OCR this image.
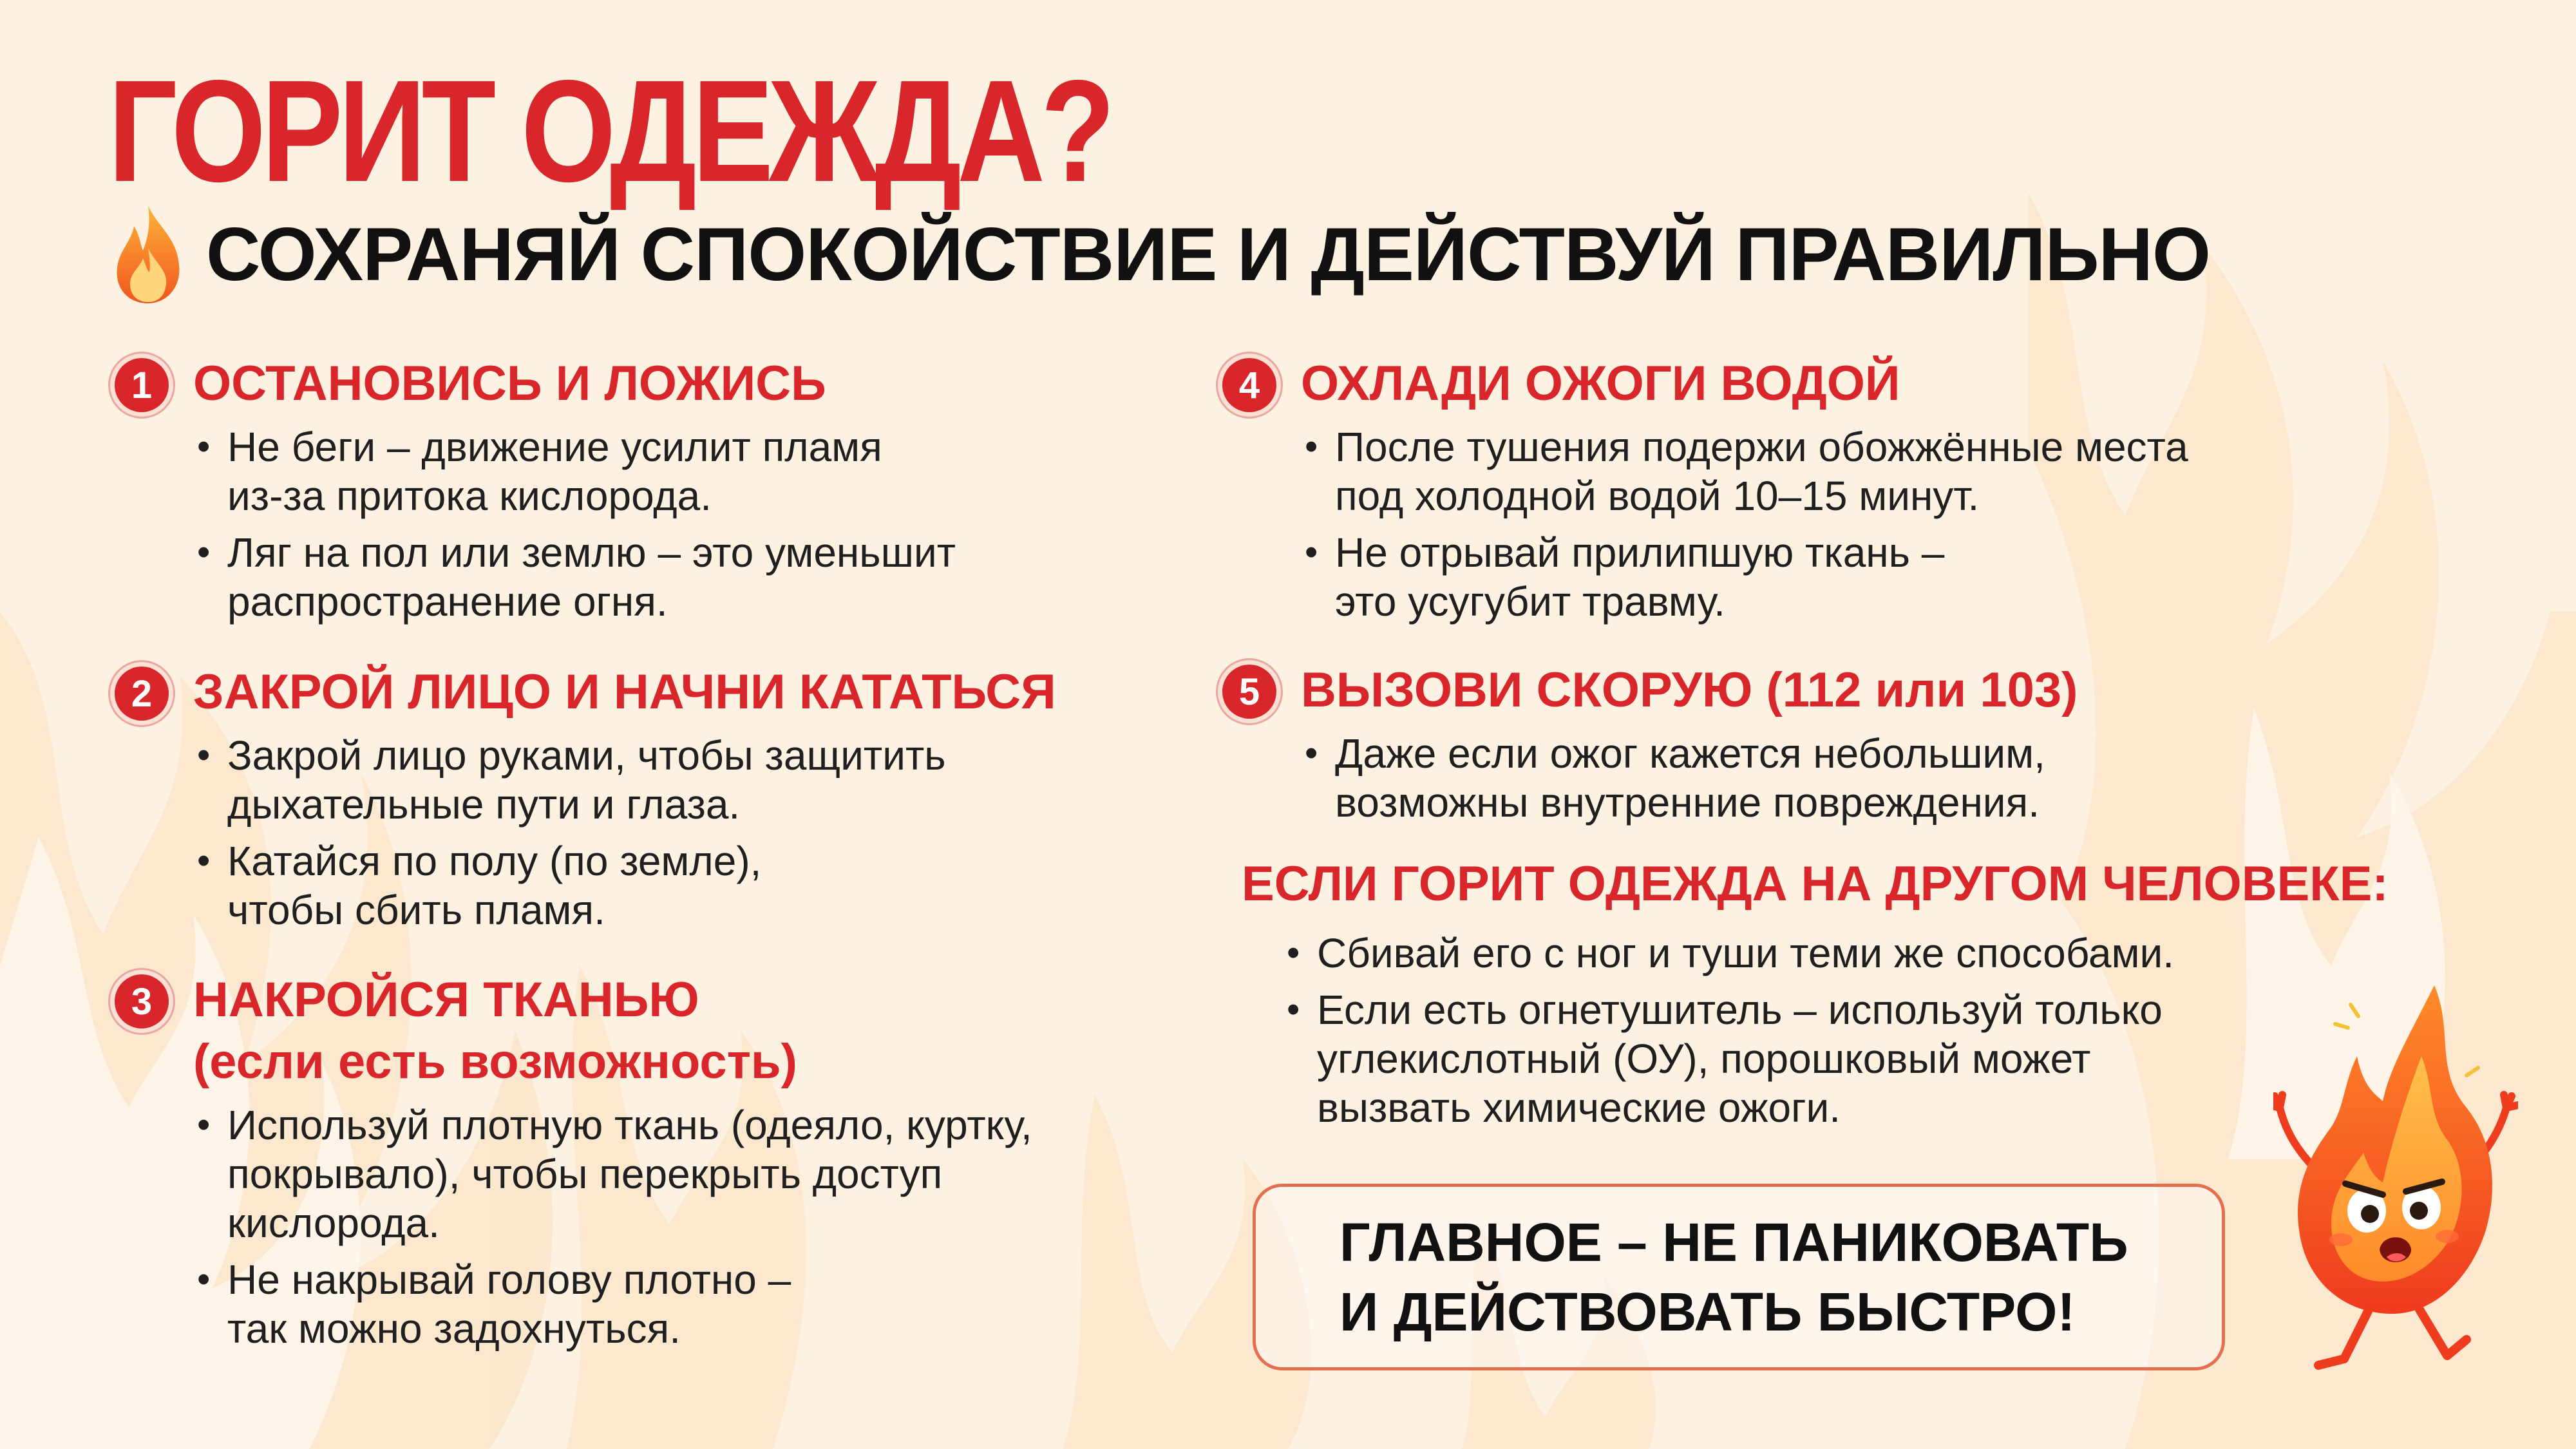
ГОРИТ ОДЕЖДА?
СОХРАНЯЙ СПОКОЙСТВИЕ И ДЕЙСТВУЙ ПРАВИЛЬНО
1 ОСТАНОВИСЬ И ЛОЖИСЬ
• Не беги – движение усилит пламя
из-за притока кислорода.
• Ляг на пол или землю – это уменьшит
распространение огня.
2 ЗАКРОЙ ЛИЦО И НАЧНИ КАТАТЬСЯ
• Закрой лицо руками, чтобы защитить
дыхательные пути и глаза.
• Катайся по полу (по земле),
чтобы сбить пламя.
3 НАКРОЙСЯ ТКАНЬЮ
(если есть возможность)
• Используй плотную ткань (одеяло, куртку,
покрывало), чтобы перекрыть доступ
кислорода.
• Не накрывай голову плотно –
так можно задохнуться.
4 ОХЛАДИ ОЖОГИ ВОДОЙ
• После тушения подержи обожжённые места
под холодной водой 10–15 минут.
• Не отрывай прилипшую ткань –
это усугубит травму.
5 ВЫЗОВИ СКОРУЮ (112 или 103)
• Даже если ожог кажется небольшим,
возможны внутренние повреждения.
ЕСЛИ ГОРИТ ОДЕЖДА НА ДРУГОМ ЧЕЛОВЕКЕ:
• Сбивай его с ног и туши теми же способами.
• Если есть огнетушитель – используй только
углекислотный (ОУ), порошковый может
вызвать химические ожоги.

ГЛАВНОЕ – НЕ ПАНИКОВАТЬ
И ДЕЙСТВОВАТЬ БЫСТРО!
